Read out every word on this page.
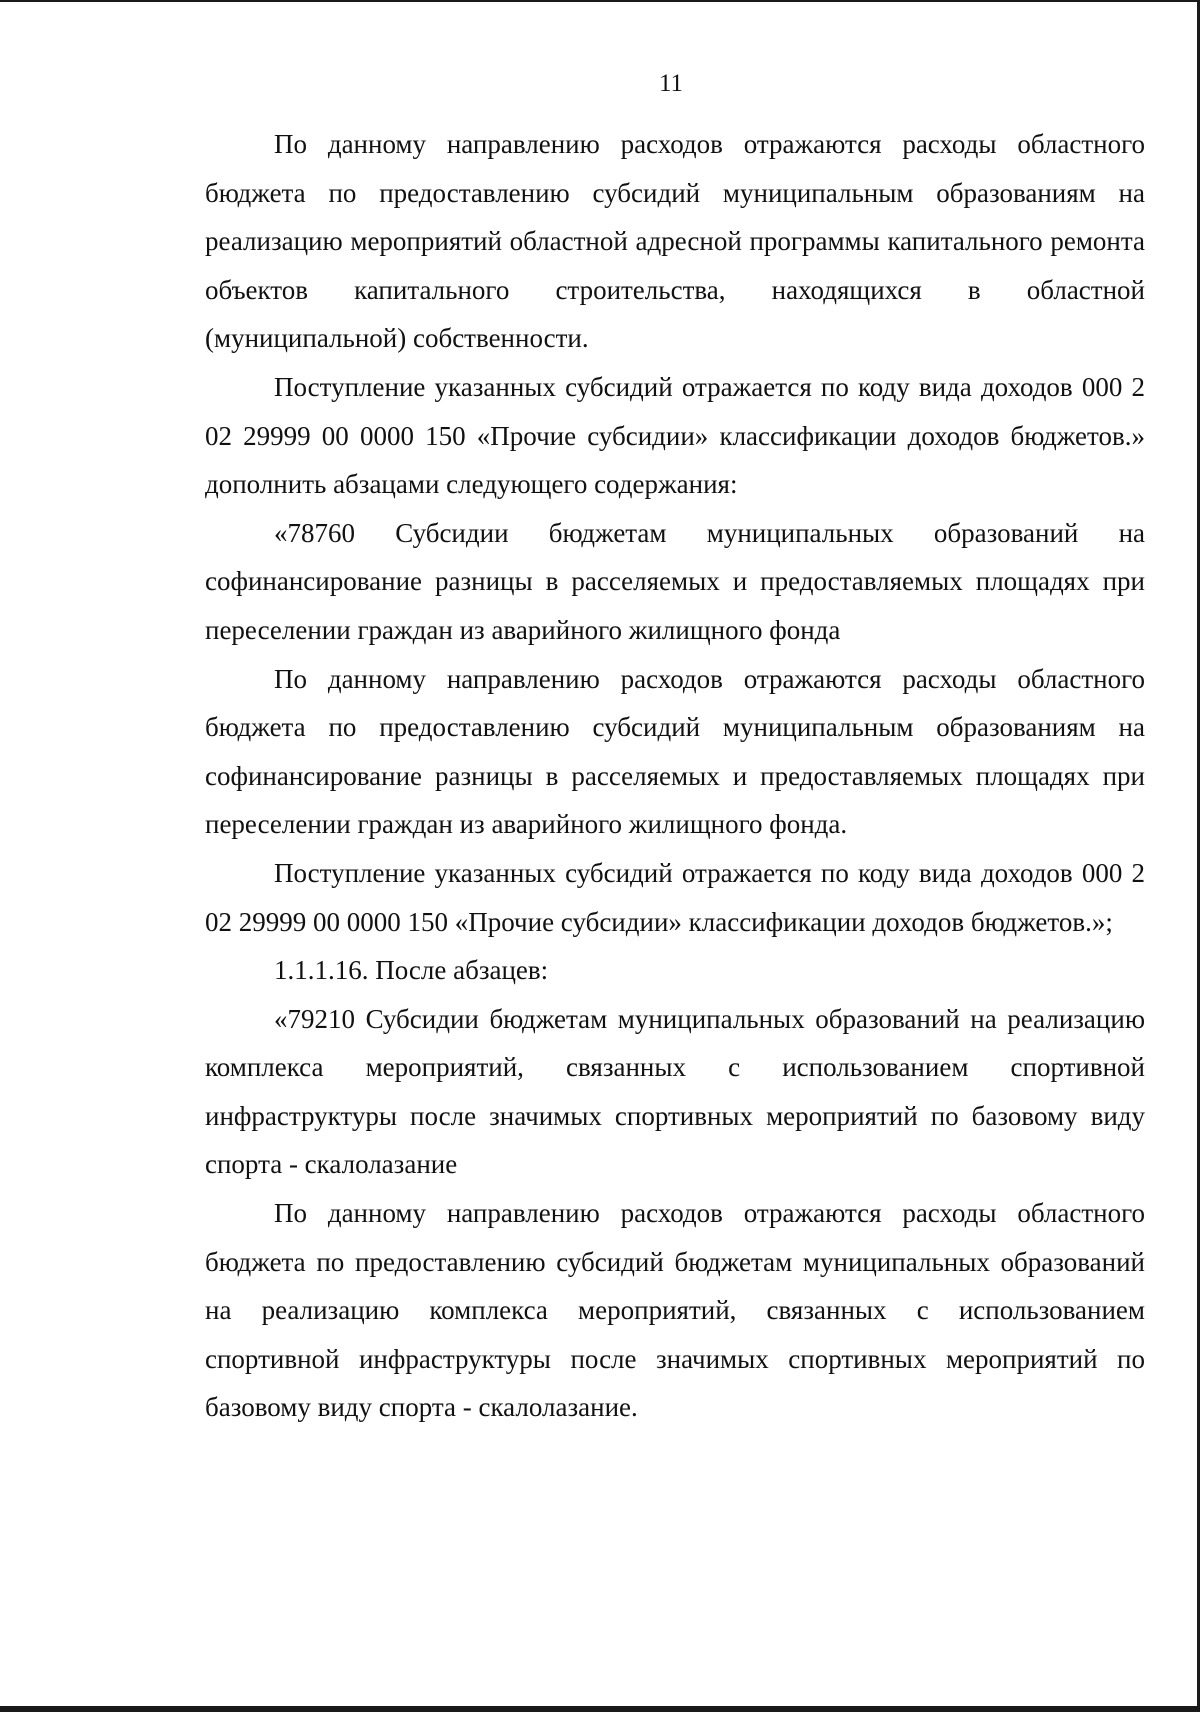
11

По данному направлению расходов отражаются расходы областного бюджета по предоставлению субсидий муниципальным образованиям на реализацию мероприятий областной адресной программы капитального ремонта объектов капитального строительства, находящихся в областной (муниципальной) собственности.

Поступление указанных субсидий отражается по коду вида доходов 000 2 02 29999 00 0000 150 «Прочие субсидии» классификации доходов бюджетов.» дополнить абзацами следующего содержания:

«78760 Субсидии бюджетам муниципальных образований на софинансирование разницы в расселяемых и предоставляемых площадях при переселении граждан из аварийного жилищного фонда

По данному направлению расходов отражаются расходы областного бюджета по предоставлению субсидий муниципальным образованиям на софинансирование разницы в расселяемых и предоставляемых площадях при переселении граждан из аварийного жилищного фонда.

Поступление указанных субсидий отражается по коду вида доходов 000 2 02 29999 00 0000 150 «Прочие субсидии» классификации доходов бюджетов.»;

1.1.1.16. После абзацев:

«79210 Субсидии бюджетам муниципальных образований на реализацию комплекса мероприятий, связанных с использованием спортивной инфраструктуры после значимых спортивных мероприятий по базовому виду спорта - скалолазание

По данному направлению расходов отражаются расходы областного бюджета по предоставлению субсидий бюджетам муниципальных образований на реализацию комплекса мероприятий, связанных с использованием спортивной инфраструктуры после значимых спортивных мероприятий по базовому виду спорта - скалолазание.
